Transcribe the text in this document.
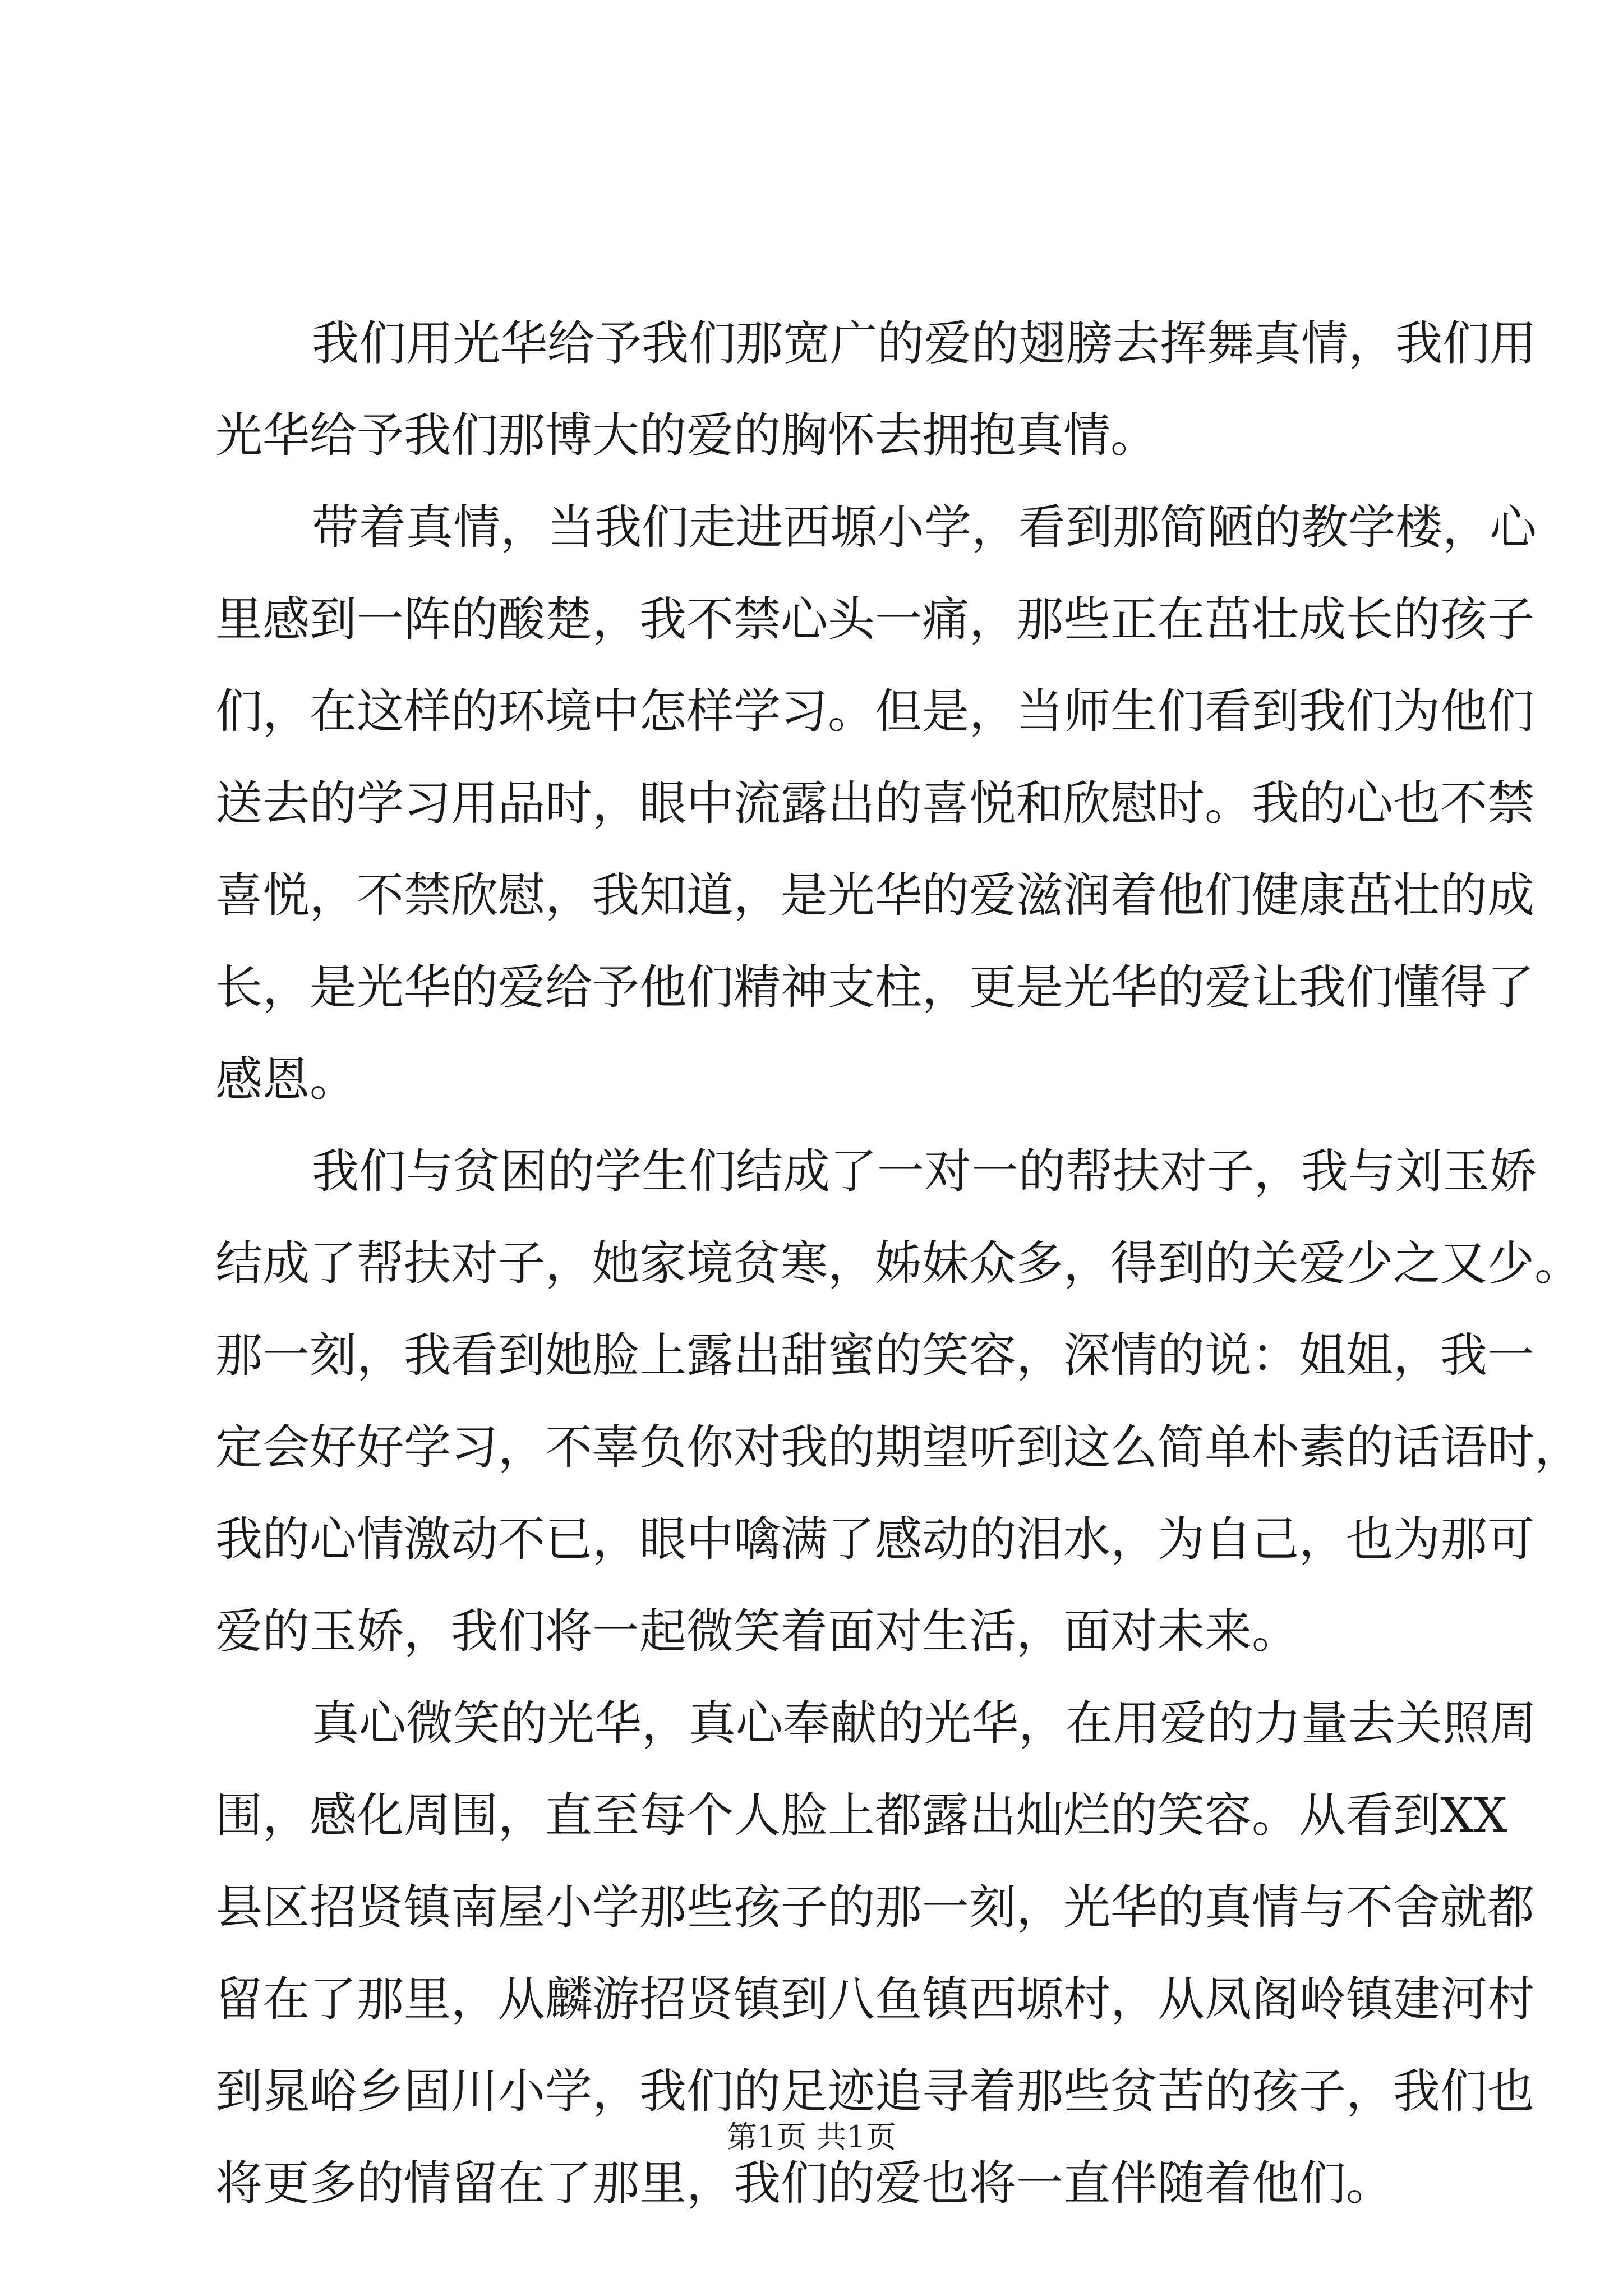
我们用光华给予我们那宽广的爱的翅膀去挥舞真情，我们用
光华给予我们那博大的爱的胸怀去拥抱真情。
带着真情，当我们走进西塬小学，看到那简陋的教学楼，心
里感到一阵的酸楚，我不禁心头一痛，那些正在茁壮成长的孩子
们，在这样的环境中怎样学习。但是，当师生们看到我们为他们
送去的学习用品时，眼中流露出的喜悦和欣慰时。我的心也不禁
喜悦，不禁欣慰，我知道，是光华的爱滋润着他们健康茁壮的成
长，是光华的爱给予他们精神支柱，更是光华的爱让我们懂得了
感恩。
我们与贫困的学生们结成了一对一的帮扶对子，我与刘玉娇
结成了帮扶对子，她家境贫寒，姊妹众多，得到的关爱少之又少。
那一刻，我看到她脸上露出甜蜜的笑容，深情的说：姐姐，我一
定会好好学习，不辜负你对我的期望听到这么简单朴素的话语时，
我的心情激动不已，眼中噙满了感动的泪水，为自己，也为那可
爱的玉娇，我们将一起微笑着面对生活，面对未来。
真心微笑的光华，真心奉献的光华，在用爱的力量去关照周
围，感化周围，直至每个人脸上都露出灿烂的笑容。从看到XX
县区招贤镇南屋小学那些孩子的那一刻，光华的真情与不舍就都
留在了那里，从麟游招贤镇到八鱼镇西塬村，从凤阁岭镇建河村
到晁峪乡固川小学，我们的足迹追寻着那些贫苦的孩子，我们也
将更多的情留在了那里，我们的爱也将一直伴随着他们。
第1页 共1页
